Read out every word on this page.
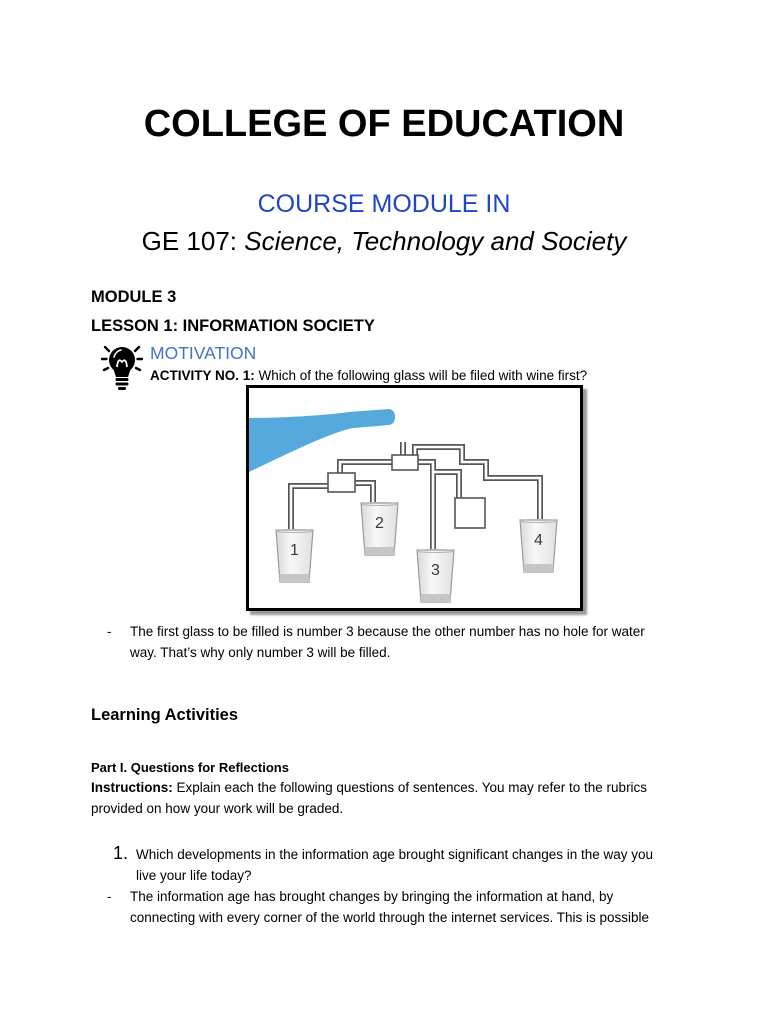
COLLEGE OF EDUCATION
COURSE MODULE IN
GE 107: Science, Technology and Society
MODULE 3
LESSON 1: INFORMATION SOCIETY
MOTIVATION
ACTIVITY NO. 1: Which of the following glass will be filed with wine first?
1
2
3
4
- The first glass to be filled is number 3 because the other number has no hole for water
way. That’s why only number 3 will be filled.
Learning Activities
Part I. Questions for Reflections
Instructions: Explain each the following questions of sentences. You may refer to the rubrics
provided on how your work will be graded.
1. Which developments in the information age brought significant changes in the way you
live your life today?
- The information age has brought changes by bringing the information at hand, by
connecting with every corner of the world through the internet services. This is possible
